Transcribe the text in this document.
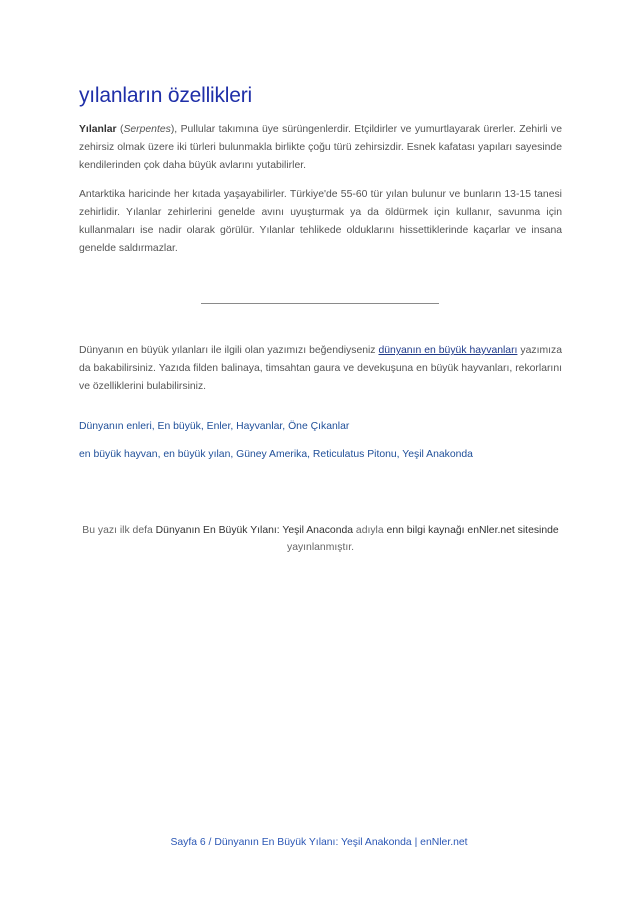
yılanların özellikleri

Yılanlar (Serpentes), Pullular takımına üye sürüngenlerdir. Etçildirler ve yumurtlayarak ürerler. Zehirli ve zehirsiz olmak üzere iki türleri bulunmakla birlikte çoğu türü zehirsizdir. Esnek kafatası yapıları sayesinde kendilerinden çok daha büyük avlarını yutabilirler.

Antarktika haricinde her kıtada yaşayabilirler. Türkiye'de 55-60 tür yılan bulunur ve bunların 13-15 tanesi zehirlidir. Yılanlar zehirlerini genelde avını uyuşturmak ya da öldürmek için kullanır, savunma için kullanmaları ise nadir olarak görülür. Yılanlar tehlikede olduklarını hissettiklerinde kaçarlar ve insana genelde saldırmazlar.

Dünyanın en büyük yılanları ile ilgili olan yazımızı beğendiyseniz dünyanın en büyük hayvanları yazımıza da bakabilirsiniz. Yazıda filden balinaya, timsahtan gaura ve devekuşuna en büyük hayvanları, rekorlarını ve özelliklerini bulabilirsiniz.

Dünyanın enleri, En büyük, Enler, Hayvanlar, Öne Çıkanlar
en büyük hayvan, en büyük yılan, Güney Amerika, Reticulatus Pitonu, Yeşil Anakonda
Bu yazı ilk defa Dünyanın En Büyük Yılanı: Yeşil Anaconda adıyla enn bilgi kaynağı enNler.net sitesinde yayınlanmıştır.
Sayfa 6 / Dünyanın En Büyük Yılanı: Yeşil Anakonda | enNler.net
